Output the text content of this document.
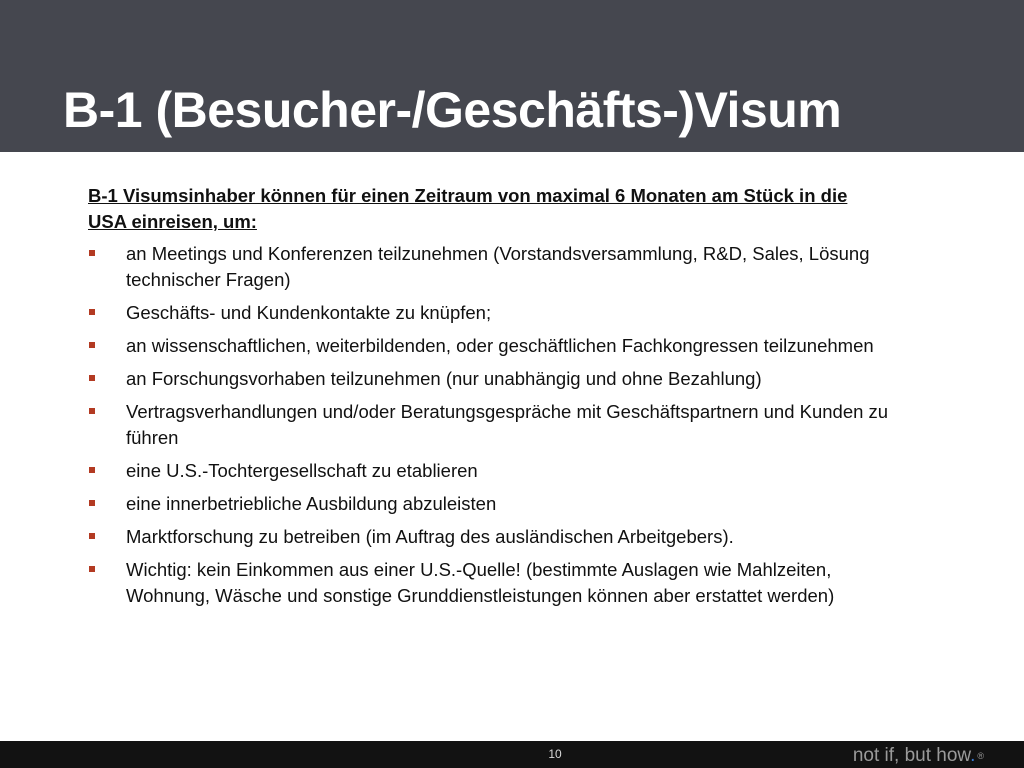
B-1 (Besucher-/Geschäfts-)Visum

B-1 Visumsinhaber können für einen Zeitraum von maximal 6 Monaten am Stück in die USA einreisen, um:

an Meetings und Konferenzen teilzunehmen (Vorstandsversammlung, R&D, Sales, Lösung technischer Fragen)
Geschäfts- und Kundenkontakte zu knüpfen;
an wissenschaftlichen, weiterbildenden, oder geschäftlichen Fachkongressen teilzunehmen
an Forschungsvorhaben teilzunehmen (nur unabhängig und ohne Bezahlung)
Vertragsverhandlungen und/oder Beratungsgespräche mit Geschäftspartnern und Kunden zu führen
eine U.S.-Tochtergesellschaft zu etablieren
eine innerbetriebliche Ausbildung abzuleisten
Marktforschung zu betreiben (im Auftrag des ausländischen Arbeitgebers).
Wichtig: kein Einkommen aus einer U.S.-Quelle! (bestimmte Auslagen wie Mahlzeiten, Wohnung, Wäsche und sonstige Grunddienstleistungen können aber erstattet werden)
10	not if, but how. ®
